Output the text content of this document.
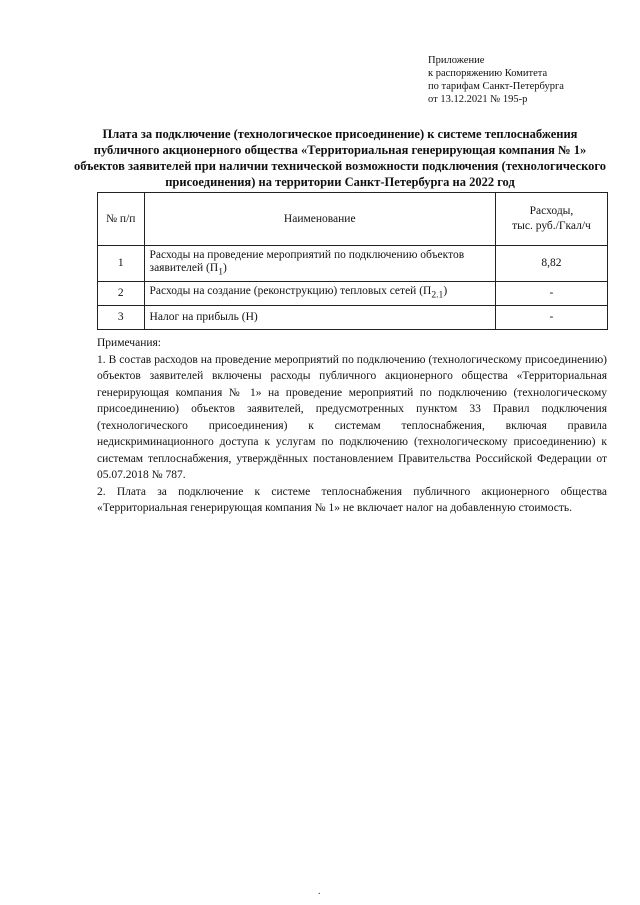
Приложение
к распоряжению Комитета
по тарифам Санкт-Петербурга
от 13.12.2021 № 195-р
Плата за подключение (технологическое присоединение) к системе теплоснабжения публичного акционерного общества «Территориальная генерирующая компания № 1» объектов заявителей при наличии технической возможности подключения (технологического присоединения) на территории Санкт-Петербурга на 2022 год
№ п/п	Наименование	Расходы,
тыс. руб./Гкал/ч
1	Расходы на проведение мероприятий по подключению объектов заявителей $(П_1)$	8,82
2	Расходы на создание (реконструкцию) тепловых сетей $(П_{2.1})$	-
3	Налог на прибыль (Н)	-

Примечания:

1. В состав расходов на проведение мероприятий по подключению (технологическому присоединению) объектов заявителей включены расходы публичного акционерного общества «Территориальная генерирующая компания № 1» на проведение мероприятий по подключению (технологическому присоединению) объектов заявителей, предусмотренных пунктом 33 Правил подключения (технологического присоединения) к системам теплоснабжения, включая правила недискриминационного доступа к услугам по подключению (технологическому присоединению) к системам теплоснабжения, утверждённых постановлением Правительства Российской Федерации от 05.07.2018 № 787.

2. Плата за подключение к системе теплоснабжения публичного акционерного общества «Территориальная генерирующая компания № 1» не включает налог на добавленную стоимость.

.
